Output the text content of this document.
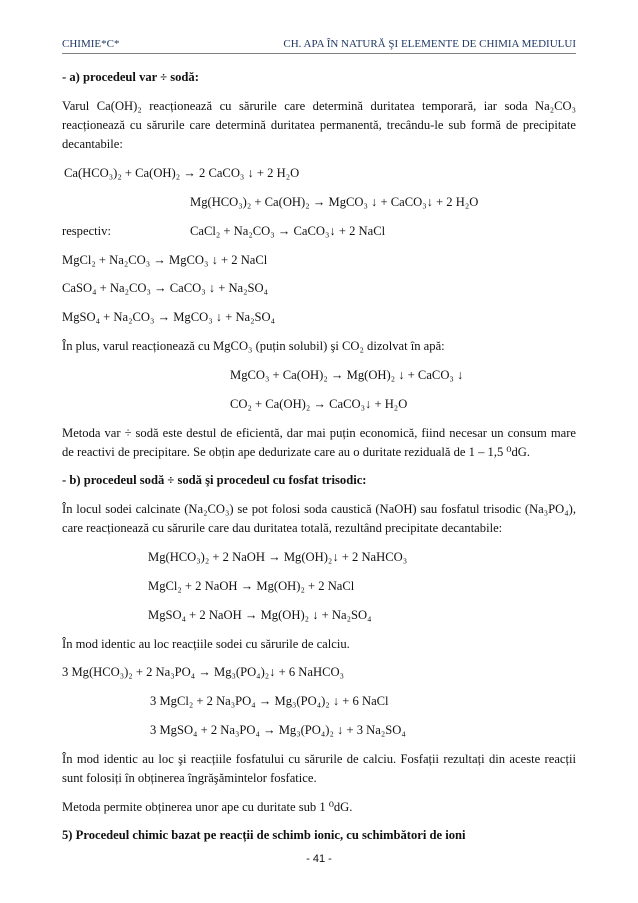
CHIMIE*C*	CH. APA ÎN NATURĂ ŞI ELEMENTE DE CHIMIA MEDIULUI
- a) procedeul var ÷ sodă:
Varul Ca(OH)₂ reacționează cu sărurile care determină duritatea temporară, iar soda Na₂CO₃
reacționează cu sărurile care determină duritatea permanentă, trecându-le sub formă de precipitate
decantabile:
Ca(HCO₃)₂ + Ca(OH)₂ → 2 CaCO₃ ↓ + 2 H₂O
Mg(HCO₃)₂ + Ca(OH)₂ → MgCO₃ ↓ + CaCO₃↓ + 2 H₂O
respectiv:	CaCl₂ + Na₂CO₃ → CaCO₃↓ + 2 NaCl
MgCl₂ + Na₂CO₃ → MgCO₃ ↓ + 2 NaCl
CaSO₄ + Na₂CO₃ → CaCO₃ ↓ + Na₂SO₄
MgSO₄ + Na₂CO₃ → MgCO₃ ↓ + Na₂SO₄
În plus, varul reacționează cu MgCO₃ (puțin solubil) şi CO₂ dizolvat în apă:
MgCO₃ + Ca(OH)₂ → Mg(OH)₂ ↓ + CaCO₃ ↓
CO₂ + Ca(OH)₂ → CaCO₃↓ + H₂O
Metoda var ÷ sodă este destul de eficientă, dar mai puțin economică, fiind necesar un consum mare
de reactivi de precipitare. Se obțin ape dedurizate care au o duritate reziduală de 1 – 1,5 ⁰dG.
- b) procedeul sodă ÷ sodă şi procedeul cu fosfat trisodic:
În locul sodei calcinate (Na₂CO₃) se pot folosi soda caustică (NaOH) sau fosfatul trisodic (Na₃PO₄),
care reacționează cu sărurile care dau duritatea totală, rezultând precipitate decantabile:
Mg(HCO₃)₂ + 2 NaOH → Mg(OH)₂↓ + 2 NaHCO₃
MgCl₂ + 2 NaOH → Mg(OH)₂ + 2 NaCl
MgSO₄ + 2 NaOH → Mg(OH)₂ ↓ + Na₂SO₄
În mod identic au loc reacțiile sodei cu sărurile de calciu.
3 Mg(HCO₃)₂ + 2 Na₃PO₄ → Mg₃(PO₄)₂↓ + 6 NaHCO₃
3 MgCl₂ + 2 Na₃PO₄ → Mg₃(PO₄)₂ ↓ + 6 NaCl
3 MgSO₄ + 2 Na₃PO₄ → Mg₃(PO₄)₂ ↓ + 3 Na₂SO₄
În mod identic au loc şi reacțiile fosfatului cu sărurile de calciu. Fosfații rezultați din aceste reacții
sunt folosiți în obținerea îngrăşămintelor fosfatice.
Metoda permite obținerea unor ape cu duritate sub 1 ⁰dG.
5) Procedeul chimic bazat pe reacții de schimb ionic, cu schimbători de ioni
- 41 -
